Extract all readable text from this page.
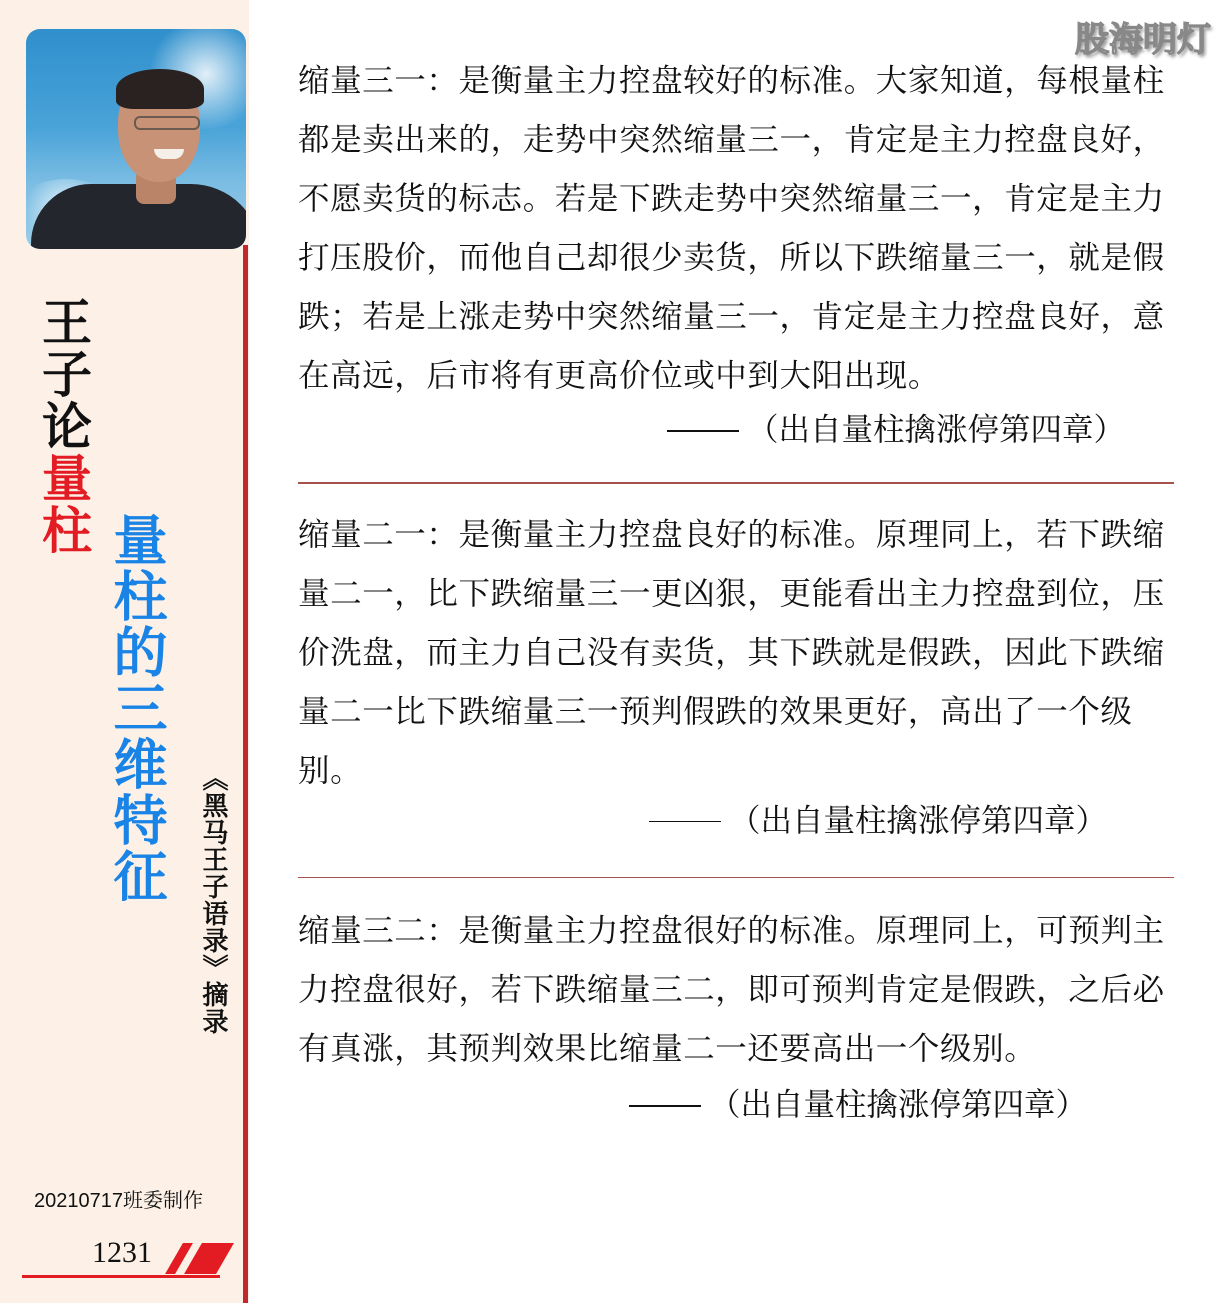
王子论量柱
量柱的三维特征 《黑马王子语录》摘录
20210717班委制作
1231
股海明灯

缩量三一：是衡量主力控盘较好的标准。大家知道，每根量柱都是卖出来的，走势中突然缩量三一，肯定是主力控盘良好，不愿卖货的标志。若是下跌走势中突然缩量三一，肯定是主力打压股价，而他自己却很少卖货，所以下跌缩量三一，就是假跌；若是上涨走势中突然缩量三一，肯定是主力控盘良好，意在高远，后市将有更高价位或中到大阳出现。

（出自量柱擒涨停第四章）

缩量二一：是衡量主力控盘良好的标准。原理同上，若下跌缩量二一，比下跌缩量三一更凶狠，更能看出主力控盘到位，压价洗盘，而主力自己没有卖货，其下跌就是假跌，因此下跌缩量二一比下跌缩量三一预判假跌的效果更好，高出了一个级别。

（出自量柱擒涨停第四章）

缩量三二：是衡量主力控盘很好的标准。原理同上，可预判主力控盘很好，若下跌缩量三二，即可预判肯定是假跌，之后必有真涨，其预判效果比缩量二一还要高出一个级别。

（出自量柱擒涨停第四章）
